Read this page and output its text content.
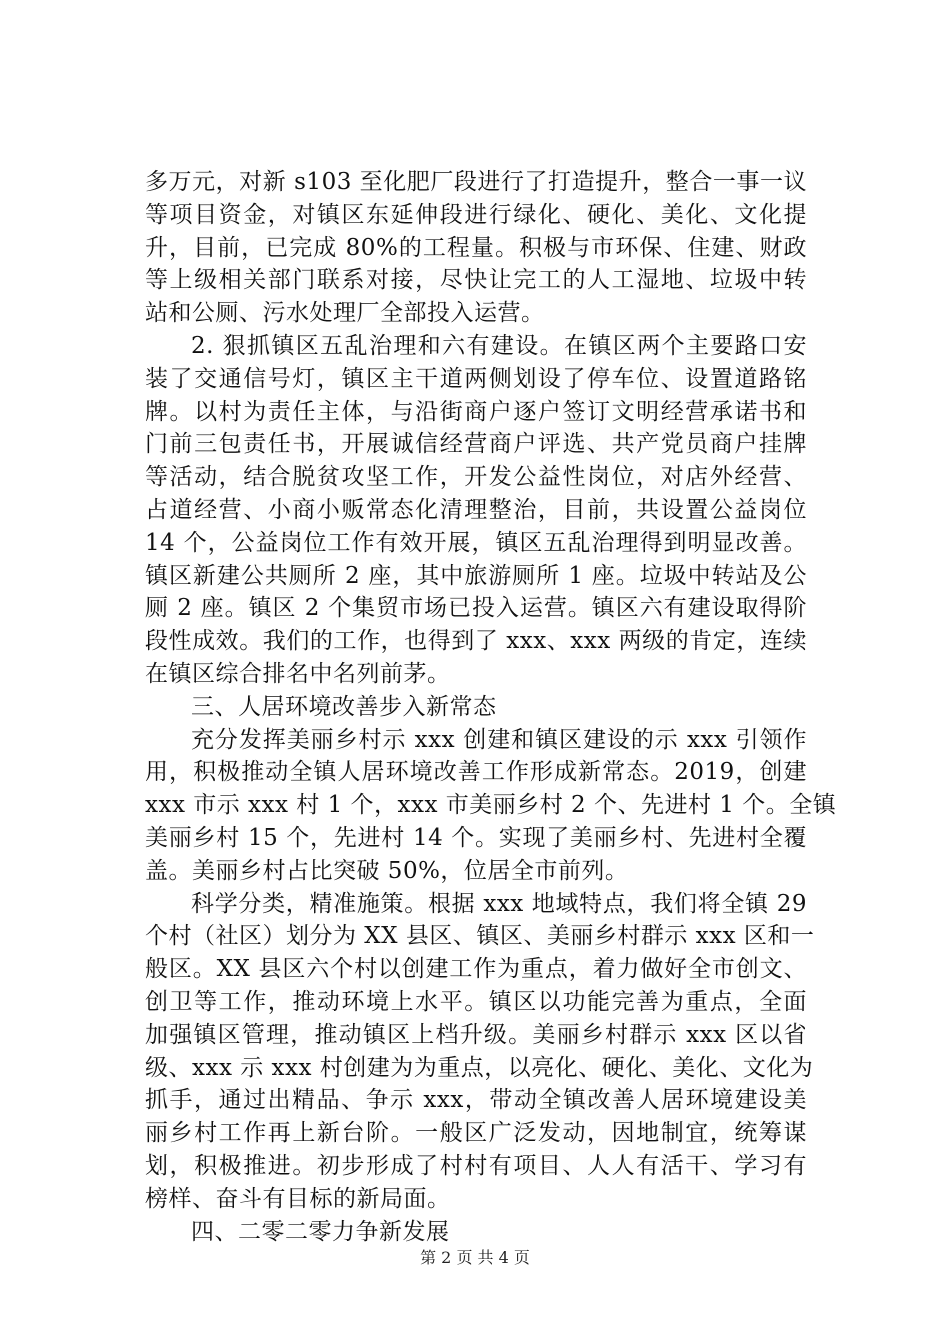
多万元，对新 s103 至化肥厂段进行了打造提升，整合一事一议
等项目资金，对镇区东延伸段进行绿化、硬化、美化、文化提
升，目前，已完成 80%的工程量。积极与市环保、住建、财政
等上级相关部门联系对接，尽快让完工的人工湿地、垃圾中转
站和公厕、污水处理厂全部投入运营。
2. 狠抓镇区五乱治理和六有建设。在镇区两个主要路口安
装了交通信号灯，镇区主干道两侧划设了停车位、设置道路铭
牌。以村为责任主体，与沿街商户逐户签订文明经营承诺书和
门前三包责任书，开展诚信经营商户评选、共产党员商户挂牌
等活动，结合脱贫攻坚工作，开发公益性岗位，对店外经营、
占道经营、小商小贩常态化清理整治，目前，共设置公益岗位
14 个，公益岗位工作有效开展，镇区五乱治理得到明显改善。
镇区新建公共厕所 2 座，其中旅游厕所 1 座。垃圾中转站及公
厕 2 座。镇区 2 个集贸市场已投入运营。镇区六有建设取得阶
段性成效。我们的工作，也得到了 xxx、xxx 两级的肯定，连续
在镇区综合排名中名列前茅。
三、人居环境改善步入新常态
充分发挥美丽乡村示 xxx 创建和镇区建设的示 xxx 引领作
用，积极推动全镇人居环境改善工作形成新常态。2019，创建
xxx 市示 xxx 村 1 个，xxx 市美丽乡村 2 个、先进村 1 个。全镇
美丽乡村 15 个，先进村 14 个。实现了美丽乡村、先进村全覆
盖。美丽乡村占比突破 50%，位居全市前列。
科学分类，精准施策。根据 xxx 地域特点，我们将全镇 29
个村（社区）划分为 XX 县区、镇区、美丽乡村群示 xxx 区和一
般区。XX 县区六个村以创建工作为重点，着力做好全市创文、
创卫等工作，推动环境上水平。镇区以功能完善为重点，全面
加强镇区管理，推动镇区上档升级。美丽乡村群示 xxx 区以省
级、xxx 示 xxx 村创建为为重点，以亮化、硬化、美化、文化为
抓手，通过出精品、争示 xxx，带动全镇改善人居环境建设美
丽乡村工作再上新台阶。一般区广泛发动，因地制宜，统筹谋
划，积极推进。初步形成了村村有项目、人人有活干、学习有
榜样、奋斗有目标的新局面。
四、二零二零力争新发展
第 2 页 共 4 页
